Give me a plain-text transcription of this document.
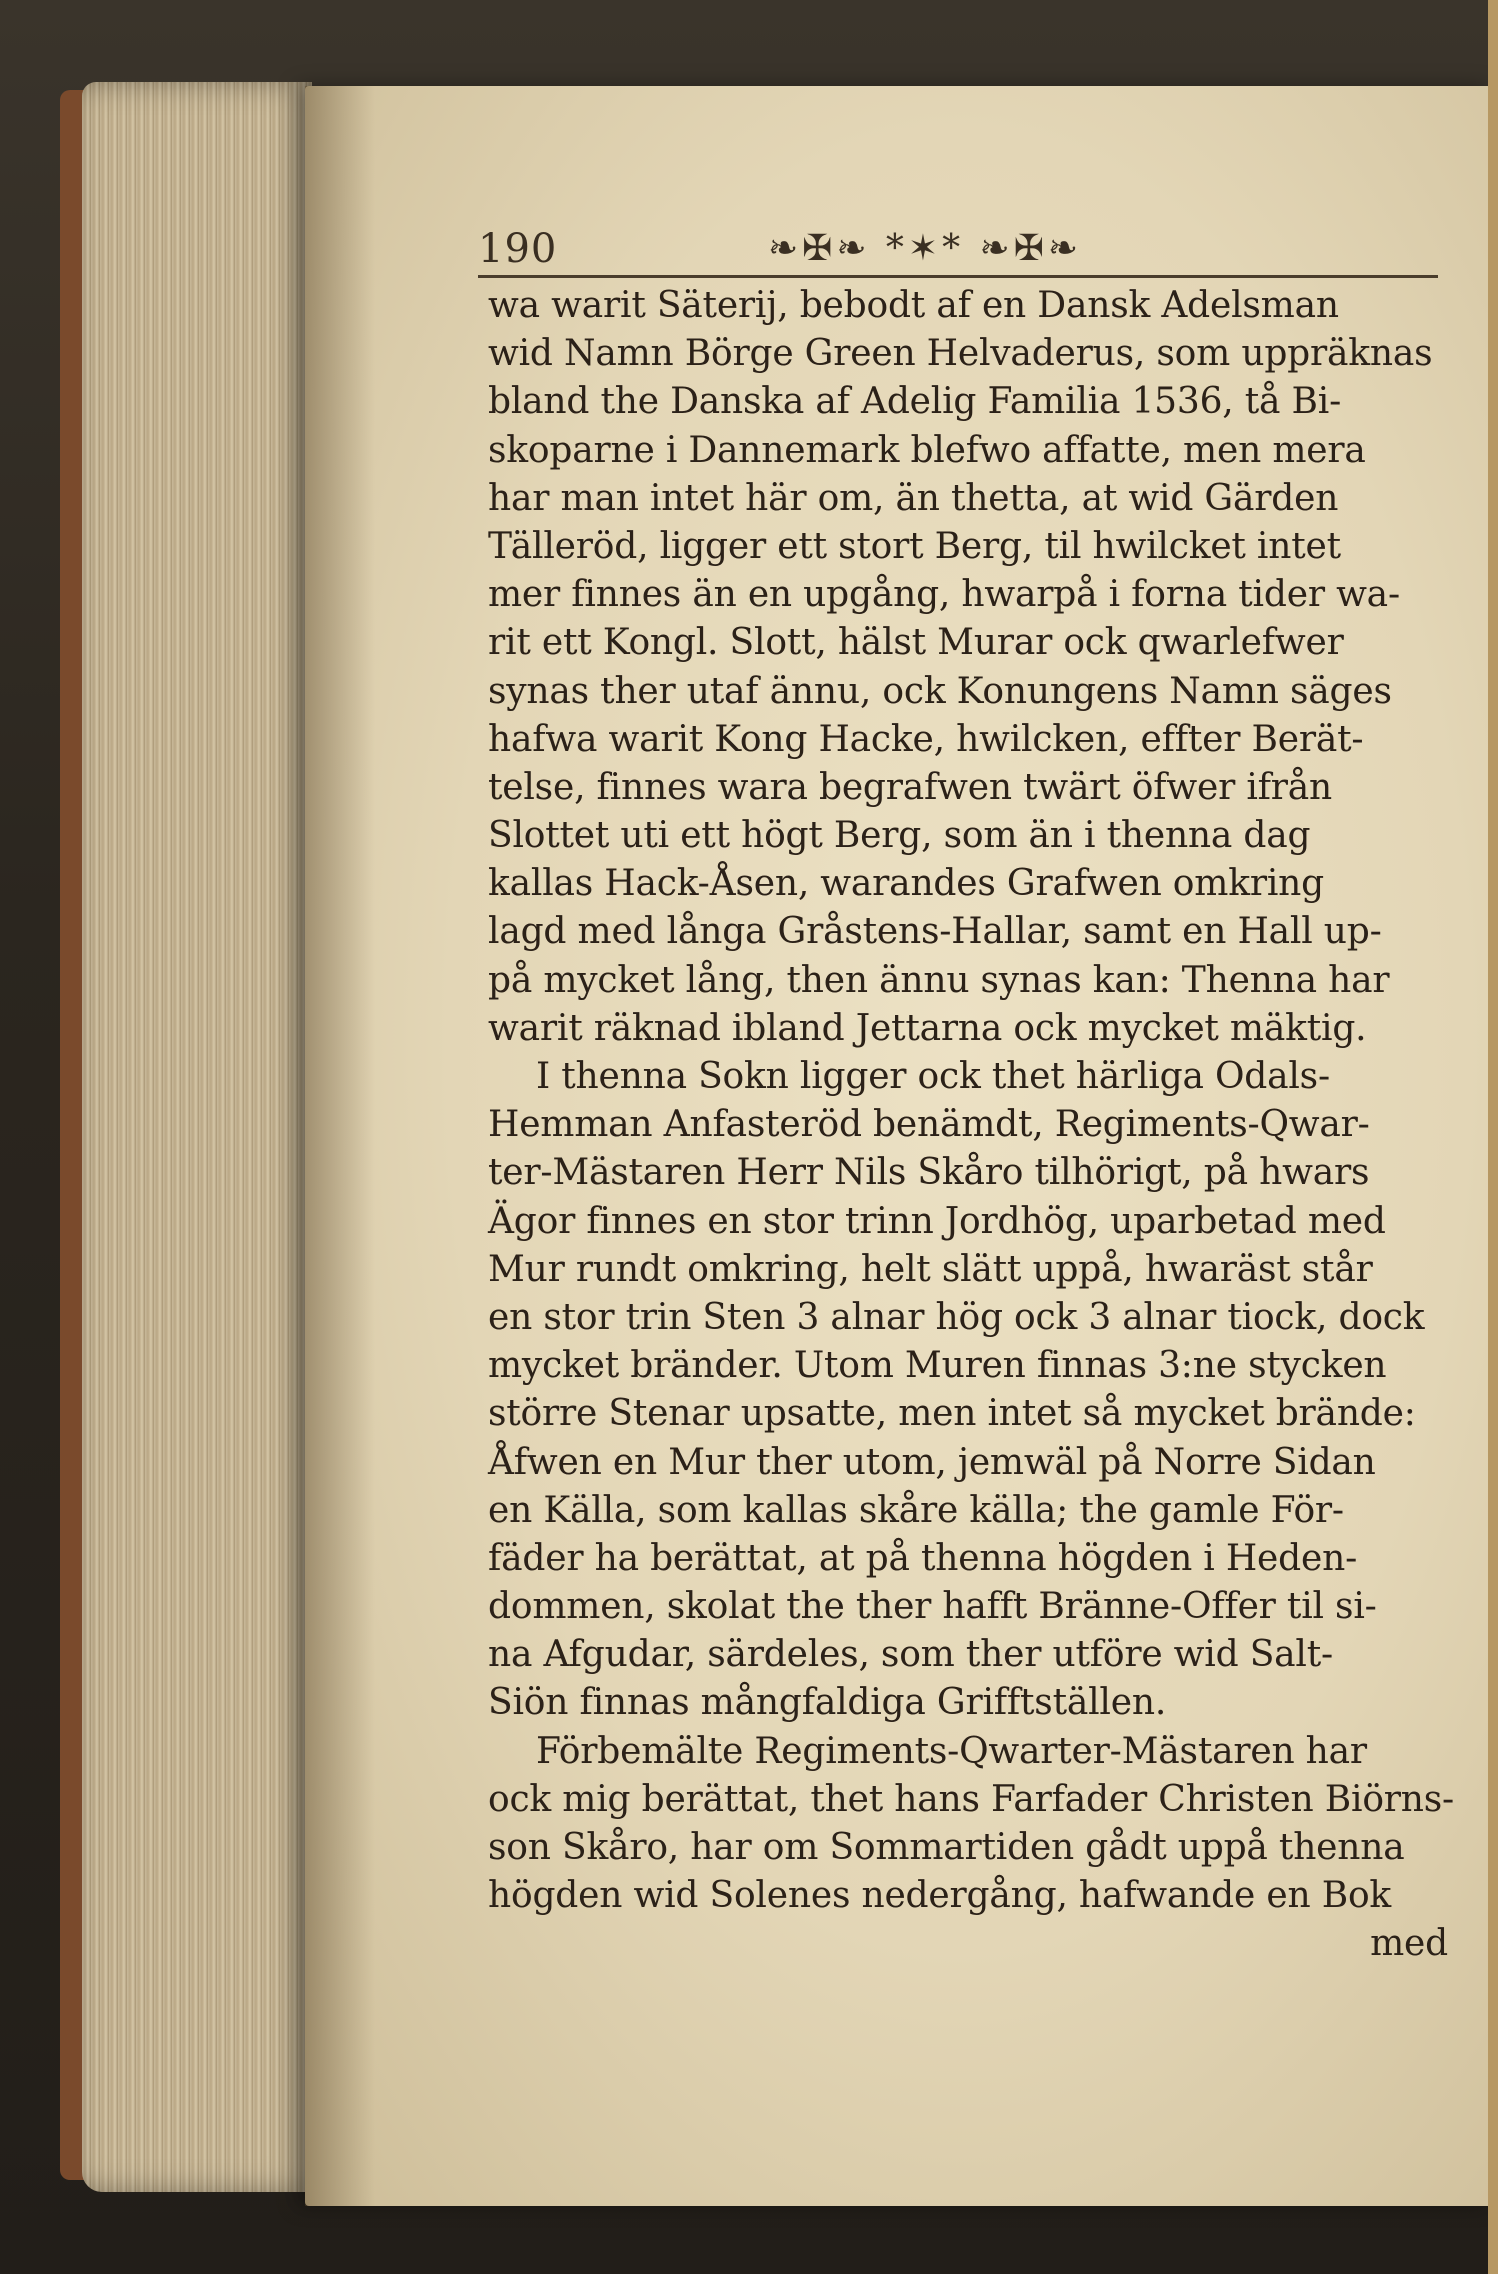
190	❧✠❧ *✶* ❧✠❧
wa warit Säterij, bebodt af en Dansk Adelsman
wid Namn Börge Green Helvaderus, som uppräknas
bland the Danska af Adelig Familia 1536, tå Bi-
skoparne i Dannemark blefwo affatte, men mera
har man intet här om, än thetta, at wid Gärden
Tälleröd, ligger ett stort Berg, til hwilcket intet
mer finnes än en upgång, hwarpå i forna tider wa-
rit ett Kongl. Slott, hälst Murar ock qwarlefwer
synas ther utaf ännu, ock Konungens Namn säges
hafwa warit Kong Hacke, hwilcken, effter Berät-
telse, finnes wara begrafwen twärt öfwer ifrån
Slottet uti ett högt Berg, som än i thenna dag
kallas Hack-Åsen, warandes Grafwen omkring
lagd med långa Gråstens-Hallar, samt en Hall up-
på mycket lång, then ännu synas kan: Thenna har
warit räknad ibland Jettarna ock mycket mäktig.
I thenna Sokn ligger ock thet härliga Odals-
Hemman Anfasteröd benämdt, Regiments-Qwar-
ter-Mästaren Herr Nils Skåro tilhörigt, på hwars
Ägor finnes en stor trinn Jordhög, uparbetad med
Mur rundt omkring, helt slätt uppå, hwaräst står
en stor trin Sten 3 alnar hög ock 3 alnar tiock, dock
mycket bränder. Utom Muren finnas 3:ne stycken
större Stenar upsatte, men intet så mycket brände:
Åfwen en Mur ther utom, jemwäl på Norre Sidan
en Källa, som kallas skåre källa; the gamle För-
fäder ha berättat, at på thenna högden i Heden-
dommen, skolat the ther hafft Bränne-Offer til si-
na Afgudar, särdeles, som ther utföre wid Salt-
Siön finnas mångfaldiga Grifftställen.
Förbemälte Regiments-Qwarter-Mästaren har
ock mig berättat, thet hans Farfader Christen Biörns-
son Skåro, har om Sommartiden gådt uppå thenna
högden wid Solenes nedergång, hafwande en Bok
med
